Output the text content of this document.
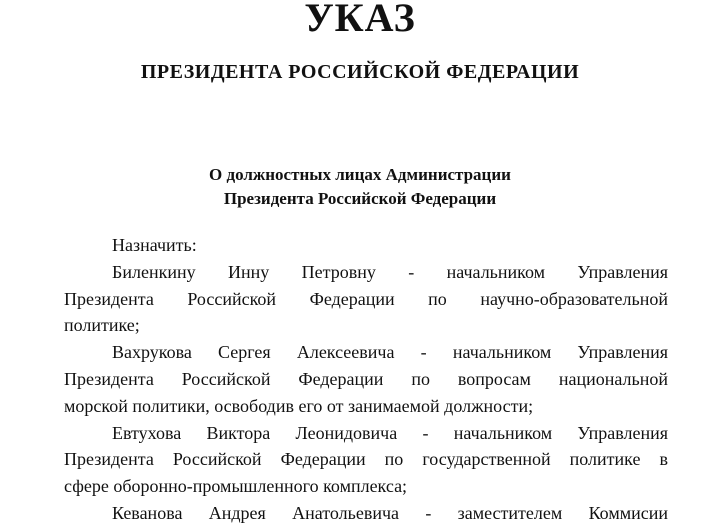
УКАЗ
ПРЕЗИДЕНТА РОССИЙСКОЙ ФЕДЕРАЦИИ
О должностных лицах Администрации
Президента Российской Федерации
Назначить:
Биленкину Инну Петровну - начальником Управления
Президента Российской Федерации по научно-образовательной
политике;
Вахрукова Сергея Алексеевича - начальником Управления
Президента Российской Федерации по вопросам национальной
морской политики, освободив его от занимаемой должности;
Евтухова Виктора Леонидовича - начальником Управления
Президента Российской Федерации по государственной политике в
сфере оборонно-промышленного комплекса;
Кеванова Андрея Анатольевича - заместителем Коммисии
